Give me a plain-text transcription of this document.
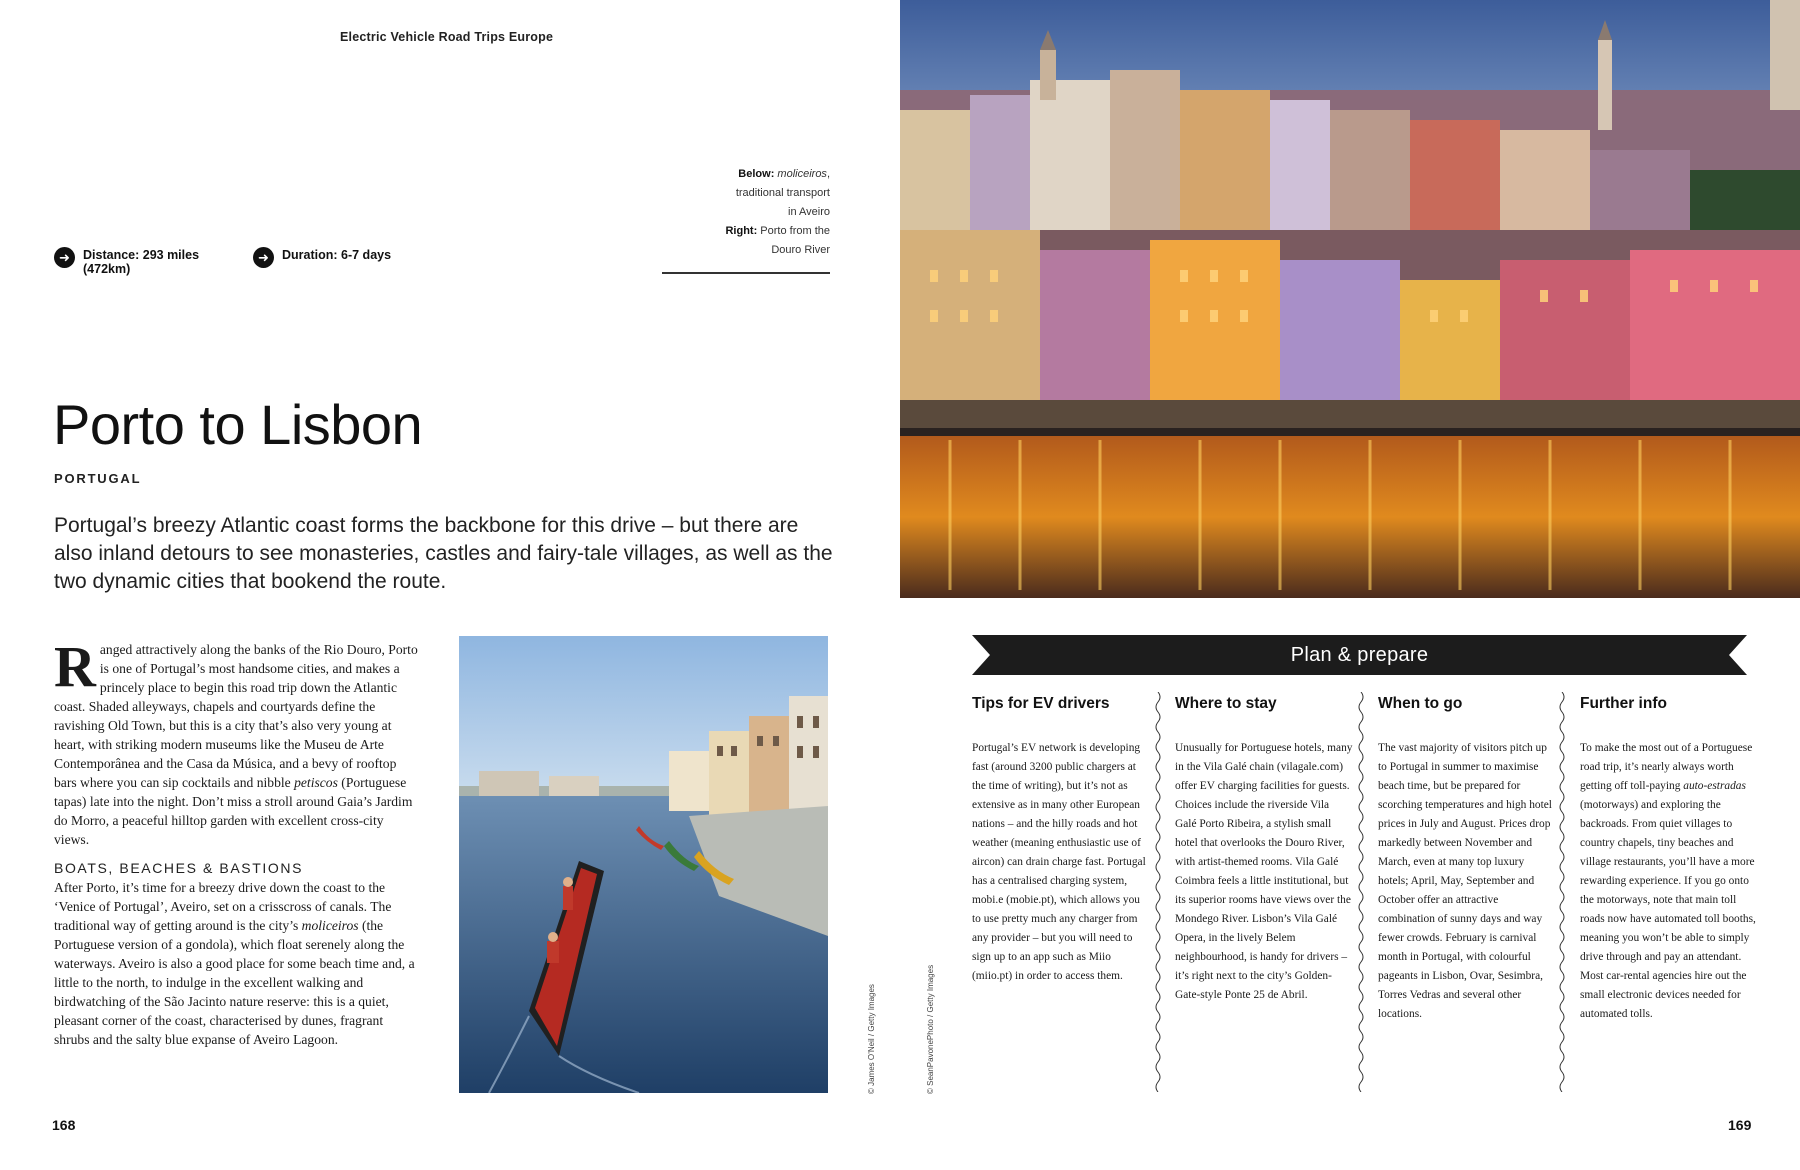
Electric Vehicle Road Trips Europe
Below: moliceiros,
traditional transport
in Aveiro
Right: Porto from the
Douro River
➜	Distance: 293 miles
(472km)
➜	Duration: 6-7 days
Porto to Lisbon
PORTUGAL
Portugal’s breezy Atlantic coast forms the backbone for this drive – but there are also inland detours to see monasteries, castles and fairy-tale villages, as well as the two dynamic cities that bookend the route.

Ranged attractively along the banks of the Rio Douro, Porto is one of Portugal’s most handsome cities, and makes a princely place to begin this road trip down the Atlantic coast. Shaded alleyways, chapels and courtyards define the ravishing Old Town, but this is a city that’s also very young at heart, with striking modern museums like the Museu de Arte Contemporânea and the Casa da Música, and a bevy of rooftop bars where you can sip cocktails and nibble petiscos (Portuguese tapas) late into the night. Don’t miss a stroll around Gaia’s Jardim do Morro, a peaceful hilltop garden with excellent cross-city views.

BOATS, BEACHES & BASTIONS

After Porto, it’s time for a breezy drive down the coast to the ‘Venice of Portugal’, Aveiro, set on a crisscross of canals. The traditional way of getting around is the city’s moliceiros (the Portuguese version of a gondola), which float serenely along the waterways. Aveiro is also a good place for some beach time and, a little to the north, to indulge in the excellent walking and birdwatching of the São Jacinto nature reserve: this is a quiet, pleasant corner of the coast, characterised by dunes, fragrant shrubs and the salty blue expanse of Aveiro Lagoon.	© James O’Neil / Getty Images	© SeanPavonePhoto / Getty Images
Plan & prepare
Tips for EV drivers

Portugal’s EV network is developing fast (around 3200 public chargers at the time of writing), but it’s not as extensive as in many other European nations – and the hilly roads and hot weather (meaning enthusiastic use of aircon) can drain charge fast. Portugal has a centralised charging system, mobi.e (mobie.pt), which allows you to use pretty much any charger from any provider – but you will need to sign up to an app such as Miio (miio.pt) in order to access them.

Where to stay

Unusually for Portuguese hotels, many in the Vila Galé chain (vilagale.com) offer EV charging facilities for guests. Choices include the riverside Vila Galé Porto Ribeira, a stylish small hotel that overlooks the Douro River, with artist-themed rooms. Vila Galé Coimbra feels a little institutional, but its superior rooms have views over the Mondego River. Lisbon’s Vila Galé Opera, in the lively Belem neighbourhood, is handy for drivers – it’s right next to the city’s Golden-Gate-style Ponte 25 de Abril.

When to go

The vast majority of visitors pitch up to Portugal in summer to maximise beach time, but be prepared for scorching temperatures and high hotel prices in July and August. Prices drop markedly between November and March, even at many top luxury hotels; April, May, September and October offer an attractive combination of sunny days and way fewer crowds. February is carnival month in Portugal, with colourful pageants in Lisbon, Ovar, Sesimbra, Torres Vedras and several other locations.

Further info

To make the most out of a Portuguese road trip, it’s nearly always worth getting off toll-paying auto-estradas (motorways) and exploring the backroads. From quiet villages to country chapels, tiny beaches and village restaurants, you’ll have a more rewarding experience. If you go onto the motorways, note that main toll roads now have automated toll booths, meaning you won’t be able to simply drive through and pay an attendant. Most car-rental agencies hire out the small electronic devices needed for automated tolls.

168	169
